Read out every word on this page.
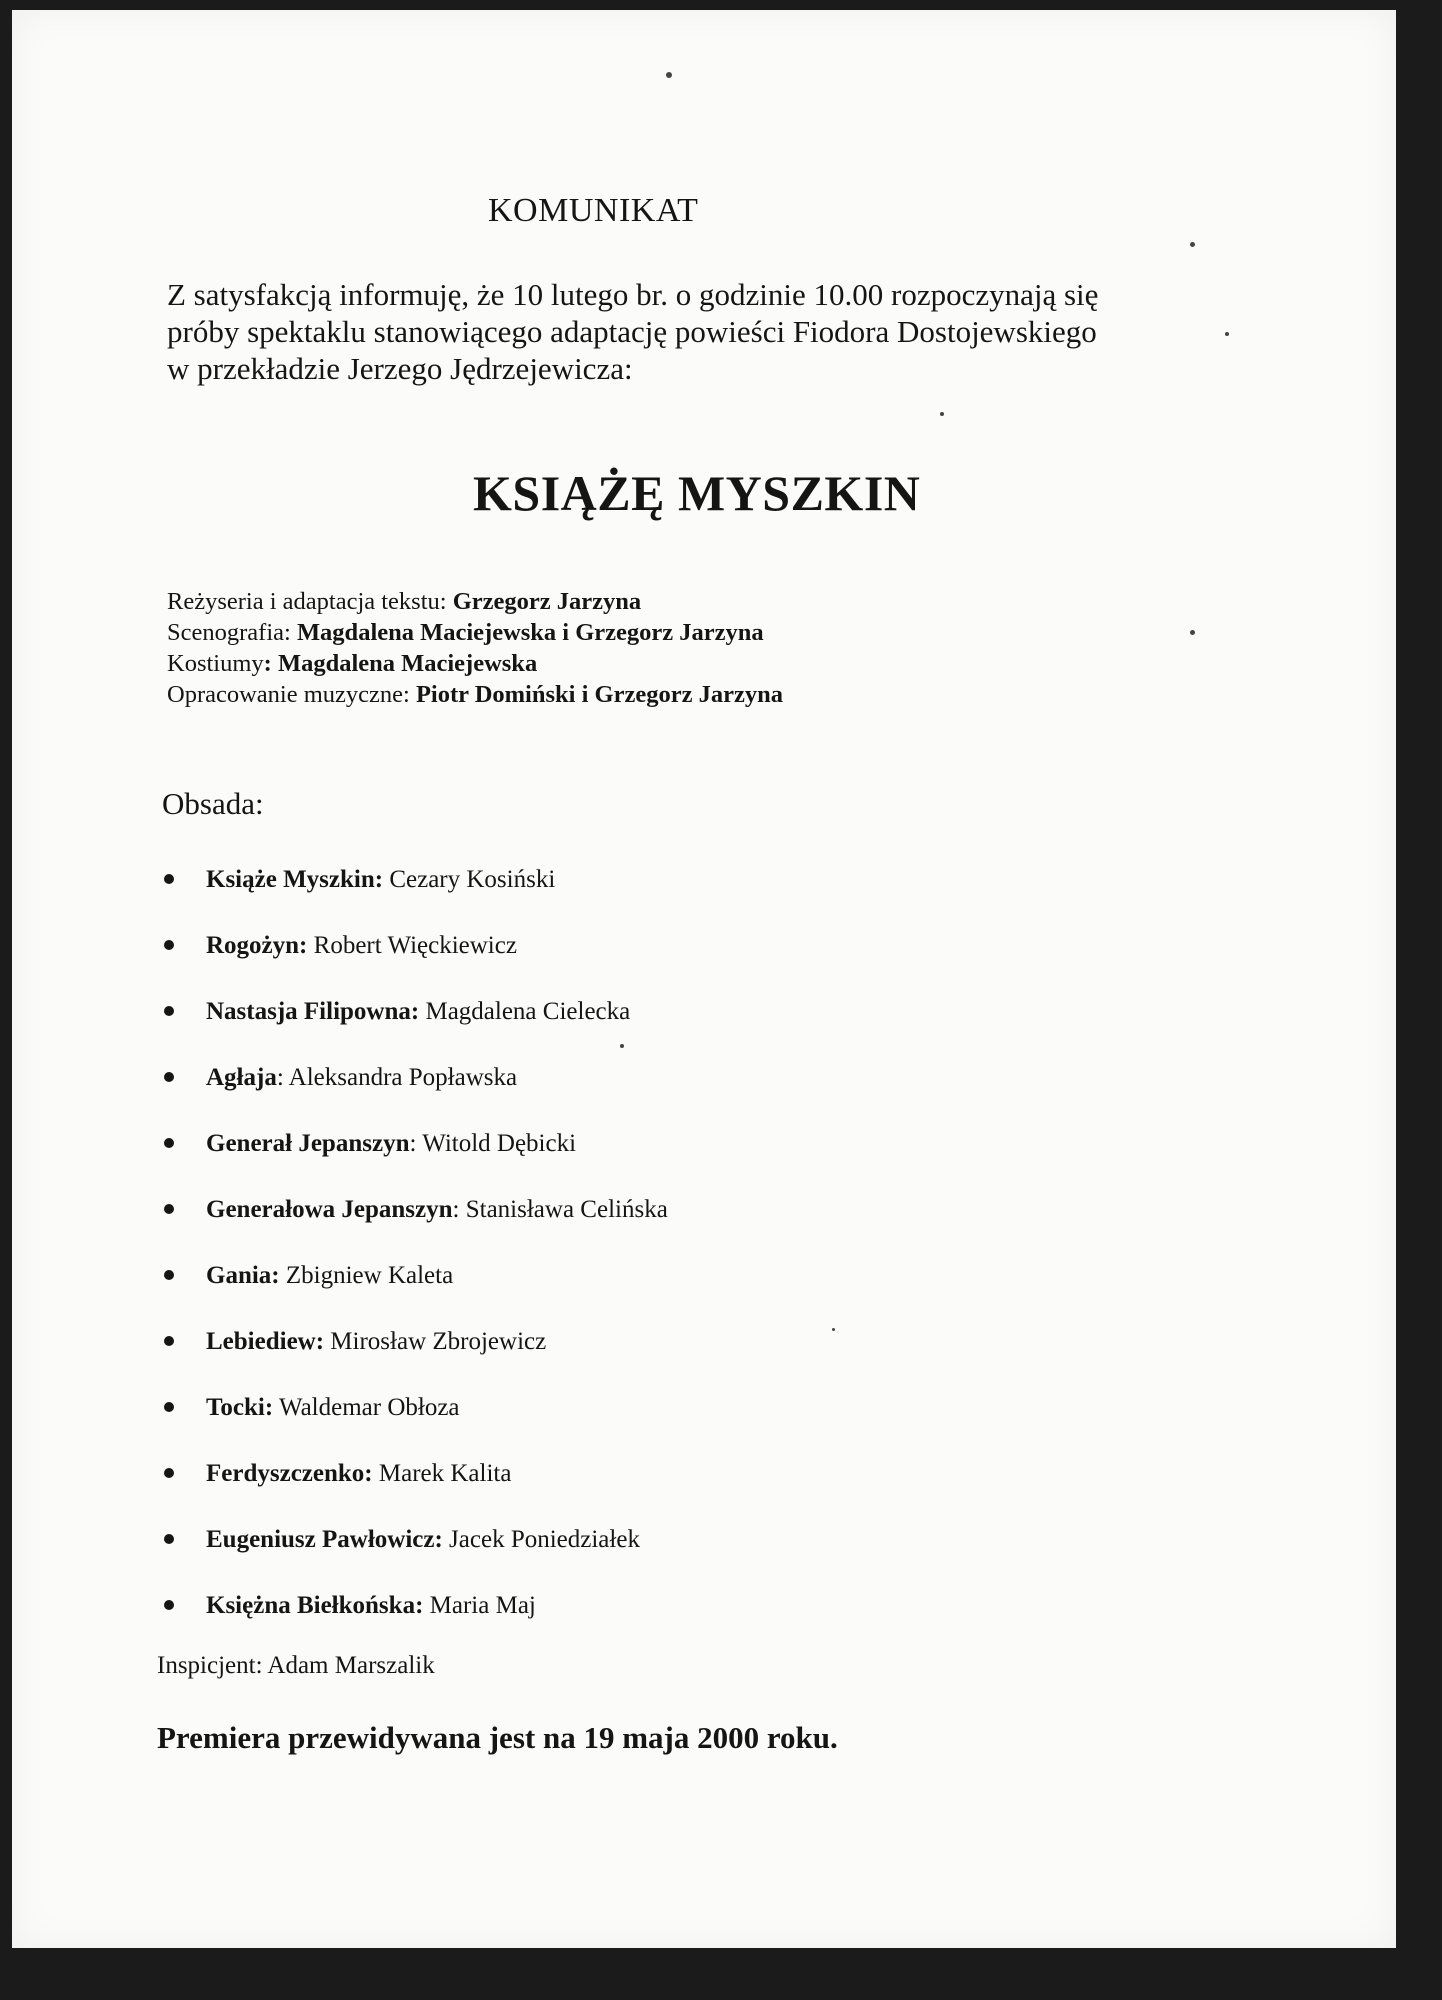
KOMUNIKAT
Z satysfakcją informuję, że 10 lutego br. o godzinie 10.00 rozpoczynają się
próby spektaklu stanowiącego adaptację powieści Fiodora Dostojewskiego
w przekładzie Jerzego Jędrzejewicza:
KSIĄŻĘ MYSZKIN
Reżyseria i adaptacja tekstu: Grzegorz Jarzyna
Scenografia: Magdalena Maciejewska i Grzegorz Jarzyna
Kostiumy: Magdalena Maciejewska
Opracowanie muzyczne: Piotr Domiński i Grzegorz Jarzyna
Obsada:
Książe Myszkin: Cezary Kosiński
Rogożyn: Robert Więckiewicz
Nastasja Filipowna: Magdalena Cielecka
Agłaja: Aleksandra Popławska
Generał Jepanszyn: Witold Dębicki
Generałowa Jepanszyn: Stanisława Celińska
Gania: Zbigniew Kaleta
Lebiediew: Mirosław Zbrojewicz
Tocki: Waldemar Obłoza
Ferdyszczenko: Marek Kalita
Eugeniusz Pawłowicz: Jacek Poniedziałek
Księżna Biełkońska: Maria Maj
Inspicjent: Adam Marszalik
Premiera przewidywana jest na 19 maja 2000 roku.
